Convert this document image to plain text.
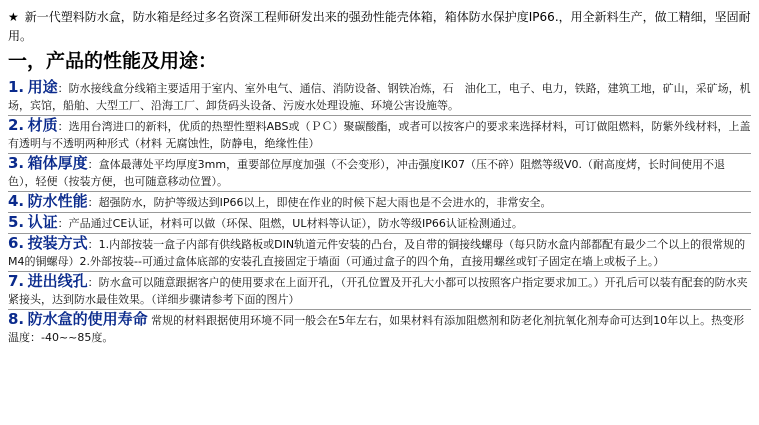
★ 新一代塑料防水盒，防水箱是经过多名资深工程师研发出来的强劲性能壳体箱，箱体防水保护度IP66.，用全新料生产，做工精细，坚固耐用。

一，产品的性能及用途：

1. 用途：防水接线盒分线箱主要适用于室内、室外电气、通信、消防设备、钢铁冶炼，石　油化工，电子、电力，铁路，建筑工地，矿山，采矿场，机场，宾馆，船舶、大型工厂、沿海工厂、卸货码头设备、污废水处理设施、环境公害设施等。

2. 材质：选用台湾进口的新料，优质的热塑性塑料ABS或（ＰＣ）聚碳酸酯，或者可以按客户的要求来选择材料，可订做阻燃料，防紫外线材料，上盖有透明与不透明两种形式（材料 无腐蚀性，防静电，绝缘性佳）

3. 箱体厚度：盒体最薄处平均厚度3mm，重要部位厚度加强（不会变形），冲击强度IK07（压不碎）阻燃等级V0.（耐高度烤，长时间使用不退色），轻便（按装方便，也可随意移动位置）。

4. 防水性能：超强防水，防护等级达到IP66以上，即使在作业的时候下起大雨也是不会进水的，非常安全。

5. 认证：产品通过CE认证，材料可以做（环保、阻燃，UL材料等认证），防水等级IP66认证检测通过。

6. 按装方式：1.内部按装一盒子内部有供线路板或DIN轨道元件安装的凸台，及自带的铜接线螺母（每只防水盒内部都配有最少二个以上的很常规的M4的铜螺母）2.外部按装--可通过盒体底部的安装孔直接固定于墙面（可通过盒子的四个角，直接用螺丝或钉子固定在墙上或板子上。）

7. 进出线孔：防水盒可以随意跟据客户的使用要求在上面开孔，（开孔位置及开孔大小都可以按照客户指定要求加工。）开孔后可以装有配套的防水夹紧接头，达到防水最佳效果。（详细步骤请参考下面的图片）

8. 防水盒的使用寿命 常规的材料跟据使用环境不同一般会在5年左右，如果材料有添加阻燃剂和防老化剂抗氧化剂寿命可达到10年以上。热变形温度：-40~~85度。
